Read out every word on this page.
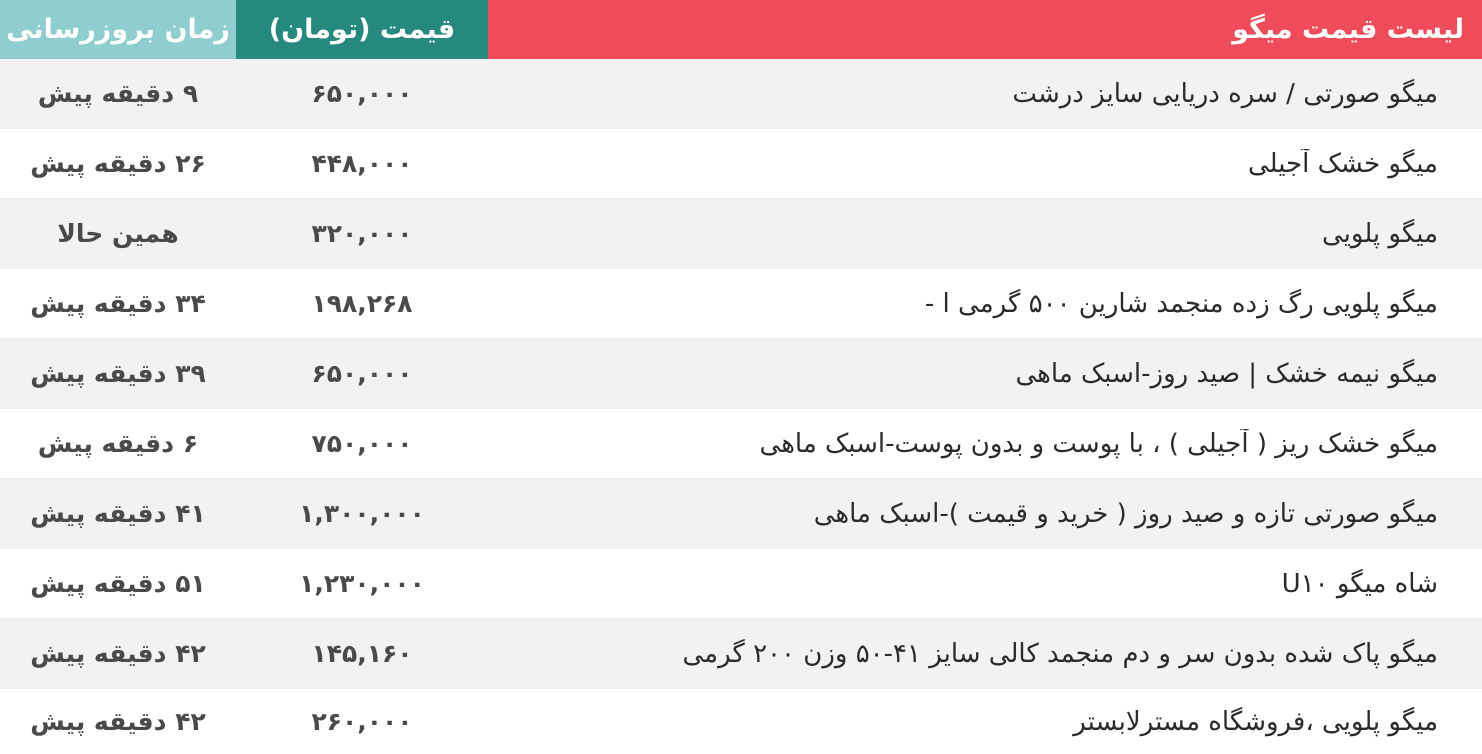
لیست قیمت میگو
قیمت (تومان)
زمان بروزرسانی
میگو صورتی / سره دریایی سایز درشت
۶۵۰,۰۰۰
۹ دقیقه پیش
میگو خشک آجیلی
۴۴۸,۰۰۰
۲۶ دقیقه پیش
میگو پلویی
۳۲۰,۰۰۰
همین حالا
میگو پلویی رگ زده منجمد شارین ۵۰۰ گرمی ا -
۱۹۸,۲۶۸
۳۴ دقیقه پیش
میگو نیمه خشک | صید روز-اسبک ماهی
۶۵۰,۰۰۰
۳۹ دقیقه پیش
میگو خشک ریز ( آجیلی ) ، با پوست و بدون پوست-اسبک ماهی
۷۵۰,۰۰۰
۶ دقیقه پیش
میگو صورتی تازه و صید روز ( خرید و قیمت )-اسبک ماهی
۱,۳۰۰,۰۰۰
۴۱ دقیقه پیش
شاه میگو U۱۰
۱,۲۳۰,۰۰۰
۵۱ دقیقه پیش
میگو پاک شده بدون سر و دم منجمد کالی سایز ۴۱-۵۰ وزن ۲۰۰ گرمی
۱۴۵,۱۶۰
۴۲ دقیقه پیش
میگو پلویی ،فروشگاه مسترلابستر
۲۶۰,۰۰۰
۴۲ دقیقه پیش
